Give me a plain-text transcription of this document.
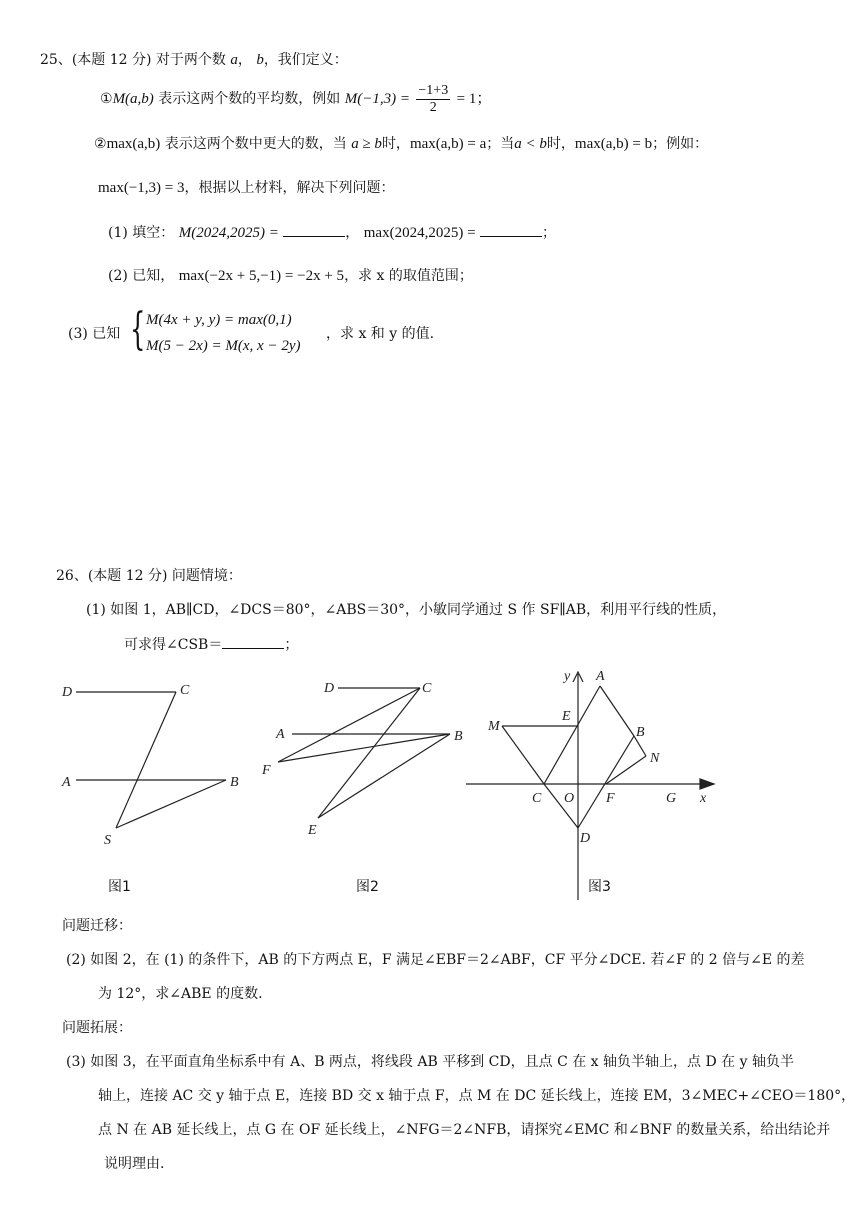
25、(本题 12 分) 对于两个数 a， b，我们定义：
①M(a,b) 表示这两个数的平均数，例如 $M(-1,3) = \frac{-1+3}{2} = 1$；
②max(a,b) 表示这两个数中更大的数，当 a ≥ b时，max(a,b) = a；当a < b时，max(a,b) = b；例如：
max(−1,3) = 3，根据以上材料，解决下列问题：
(1) 填空： M(2024,2025) =	， max(2024,2025) =	；
(2) 已知， max(−2x + 5,−1) = −2x + 5，求 x 的取值范围；
(3) 已知 { M(4x + y, y) = max(0,1)
M(5 − 2x) = M(x, x − 2y)
，求 x 和 y 的值.
26、(本题 12 分) 问题情境：
(1) 如图 1，AB∥CD，∠DCS＝80°，∠ABS＝30°，小敏同学通过 S 作 SF∥AB，利用平行线的性质，
可求得∠CSB＝	；
D	C
A	B
S
图1
D	C
A	B
F
E
图2
y A
E
M	B
N
C O F	G x
D
图3
问题迁移：
(2) 如图 2，在 (1) 的条件下，AB 的下方两点 E，F 满足∠EBF＝2∠ABF，CF 平分∠DCE. 若∠F 的 2 倍与∠E 的差
为 12°，求∠ABE 的度数.
问题拓展：
(3) 如图 3，在平面直角坐标系中有 A、B 两点，将线段 AB 平移到 CD，且点 C 在 x 轴负半轴上，点 D 在 y 轴负半
轴上，连接 AC 交 y 轴于点 E，连接 BD 交 x 轴于点 F，点 M 在 DC 延长线上，连接 EM，3∠MEC+∠CEO＝180°，
点 N 在 AB 延长线上，点 G 在 OF 延长线上，∠NFG＝2∠NFB，请探究∠EMC 和∠BNF 的数量关系，给出结论并
说明理由.
